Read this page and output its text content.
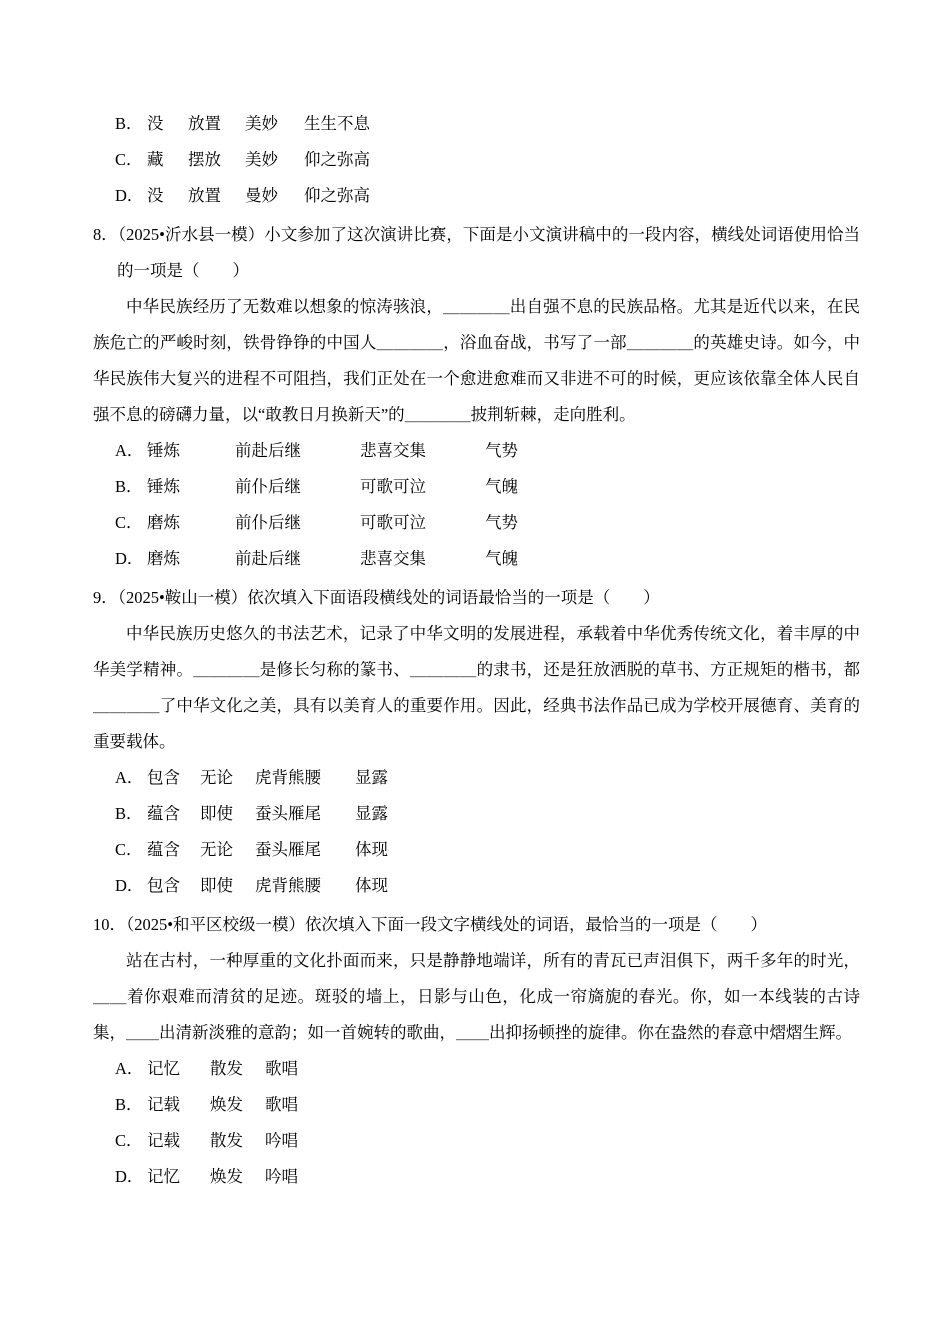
B． 没	放置	美妙	生生不息
C． 藏	摆放	美妙	仰之弥高
D． 没	放置	曼妙	仰之弥高
8．（2025•沂水县一模）小文参加了这次演讲比赛，下面是小文演讲稿中的一段内容，横线处词语使用恰当的一项是（　　）
中华民族经历了无数难以想象的惊涛骇浪，＿＿＿＿出自强不息的民族品格。尤其是近代以来，在民族危亡的严峻时刻，铁骨铮铮的中国人＿＿＿＿，浴血奋战，书写了一部＿＿＿＿的英雄史诗。如今，中华民族伟大复兴的进程不可阻挡，我们正处在一个愈进愈难而又非进不可的时候，更应该依靠全体人民自强不息的磅礴力量，以“敢教日月换新天”的＿＿＿＿披荆斩棘，走向胜利。
A． 锤炼	前赴后继	悲喜交集	气势
B． 锤炼	前仆后继	可歌可泣	气魄
C． 磨炼	前仆后继	可歌可泣	气势
D． 磨炼	前赴后继	悲喜交集	气魄
9．（2025•鞍山一模）依次填入下面语段横线处的词语最恰当的一项是（　　）
中华民族历史悠久的书法艺术，记录了中华文明的发展进程，承载着中华优秀传统文化，着丰厚的中华美学精神。＿＿＿＿是修长匀称的篆书、＿＿＿＿的隶书，还是狂放洒脱的草书、方正规矩的楷书，都＿＿＿＿了中华文化之美，具有以美育人的重要作用。因此，经典书法作品已成为学校开展德育、美育的重要载体。
A． 包含	无论	虎背熊腰	显露
B． 蕴含	即使	蚕头雁尾	显露
C． 蕴含	无论	蚕头雁尾	体现
D． 包含	即使	虎背熊腰	体现
10．（2025•和平区校级一模）依次填入下面一段文字横线处的词语，最恰当的一项是（　　）
站在古村，一种厚重的文化扑面而来，只是静静地端详，所有的青瓦已声泪俱下，两千多年的时光，＿＿着你艰难而清贫的足迹。斑驳的墙上，日影与山色，化成一帘旖旎的春光。你，如一本线装的古诗集，＿＿出清新淡雅的意韵；如一首婉转的歌曲，＿＿出抑扬顿挫的旋律。你在盎然的春意中熠熠生辉。
A． 记忆	散发	歌唱
B． 记载	焕发	歌唱
C． 记载	散发	吟唱
D． 记忆	焕发	吟唱
